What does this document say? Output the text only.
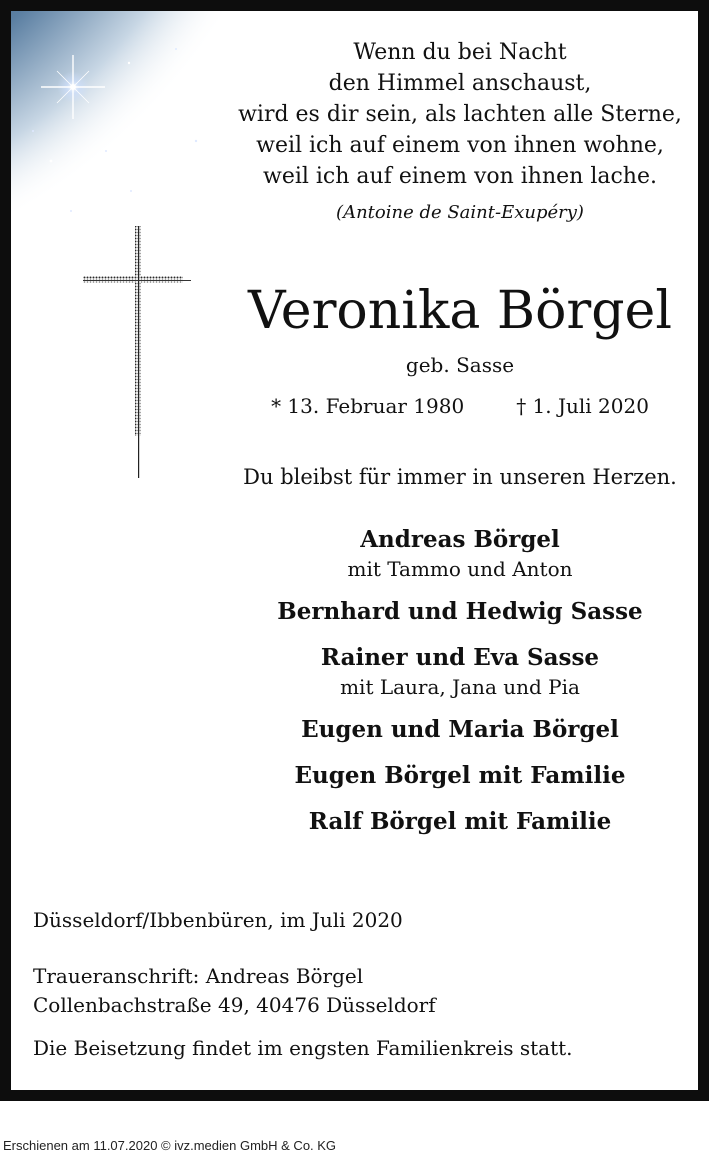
Wenn du bei Nacht
den Himmel anschaust,
wird es dir sein, als lachten alle Sterne,
weil ich auf einem von ihnen wohne,
weil ich auf einem von ihnen lache.
(Antoine de Saint-Exupéry)
Veronika Börgel
geb. Sasse
* 13. Februar 1980	† 1. Juli 2020
Du bleibst für immer in unseren Herzen.
Andreas Börgel
mit Tammo und Anton
Bernhard und Hedwig Sasse
Rainer und Eva Sasse
mit Laura, Jana und Pia
Eugen und Maria Börgel
Eugen Börgel mit Familie
Ralf Börgel mit Familie
Düsseldorf/Ibbenbüren, im Juli 2020
Traueranschrift: Andreas Börgel
Collenbachstraße 49, 40476 Düsseldorf
Die Beisetzung findet im engsten Familienkreis statt.
Erschienen am 11.07.2020 © ivz.medien GmbH & Co. KG
